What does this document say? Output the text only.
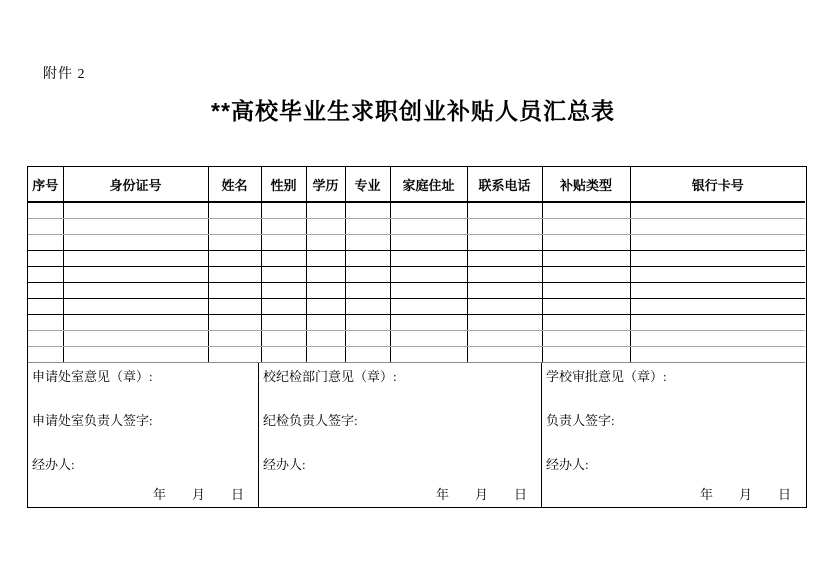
附件 2
**高校毕业生求职创业补贴人员汇总表
序号	身份证号	姓名	性别	学历	专业	家庭住址	联系电话	补贴类型	银行卡号

申请处室意见（章）:
申请处室负责人签字:
经办人:
年　　月　　日
校纪检部门意见（章）:
纪检负责人签字:
经办人:
年　　月　　日
学校审批意见（章）:
负责人签字:
经办人:
年　　月　　日
